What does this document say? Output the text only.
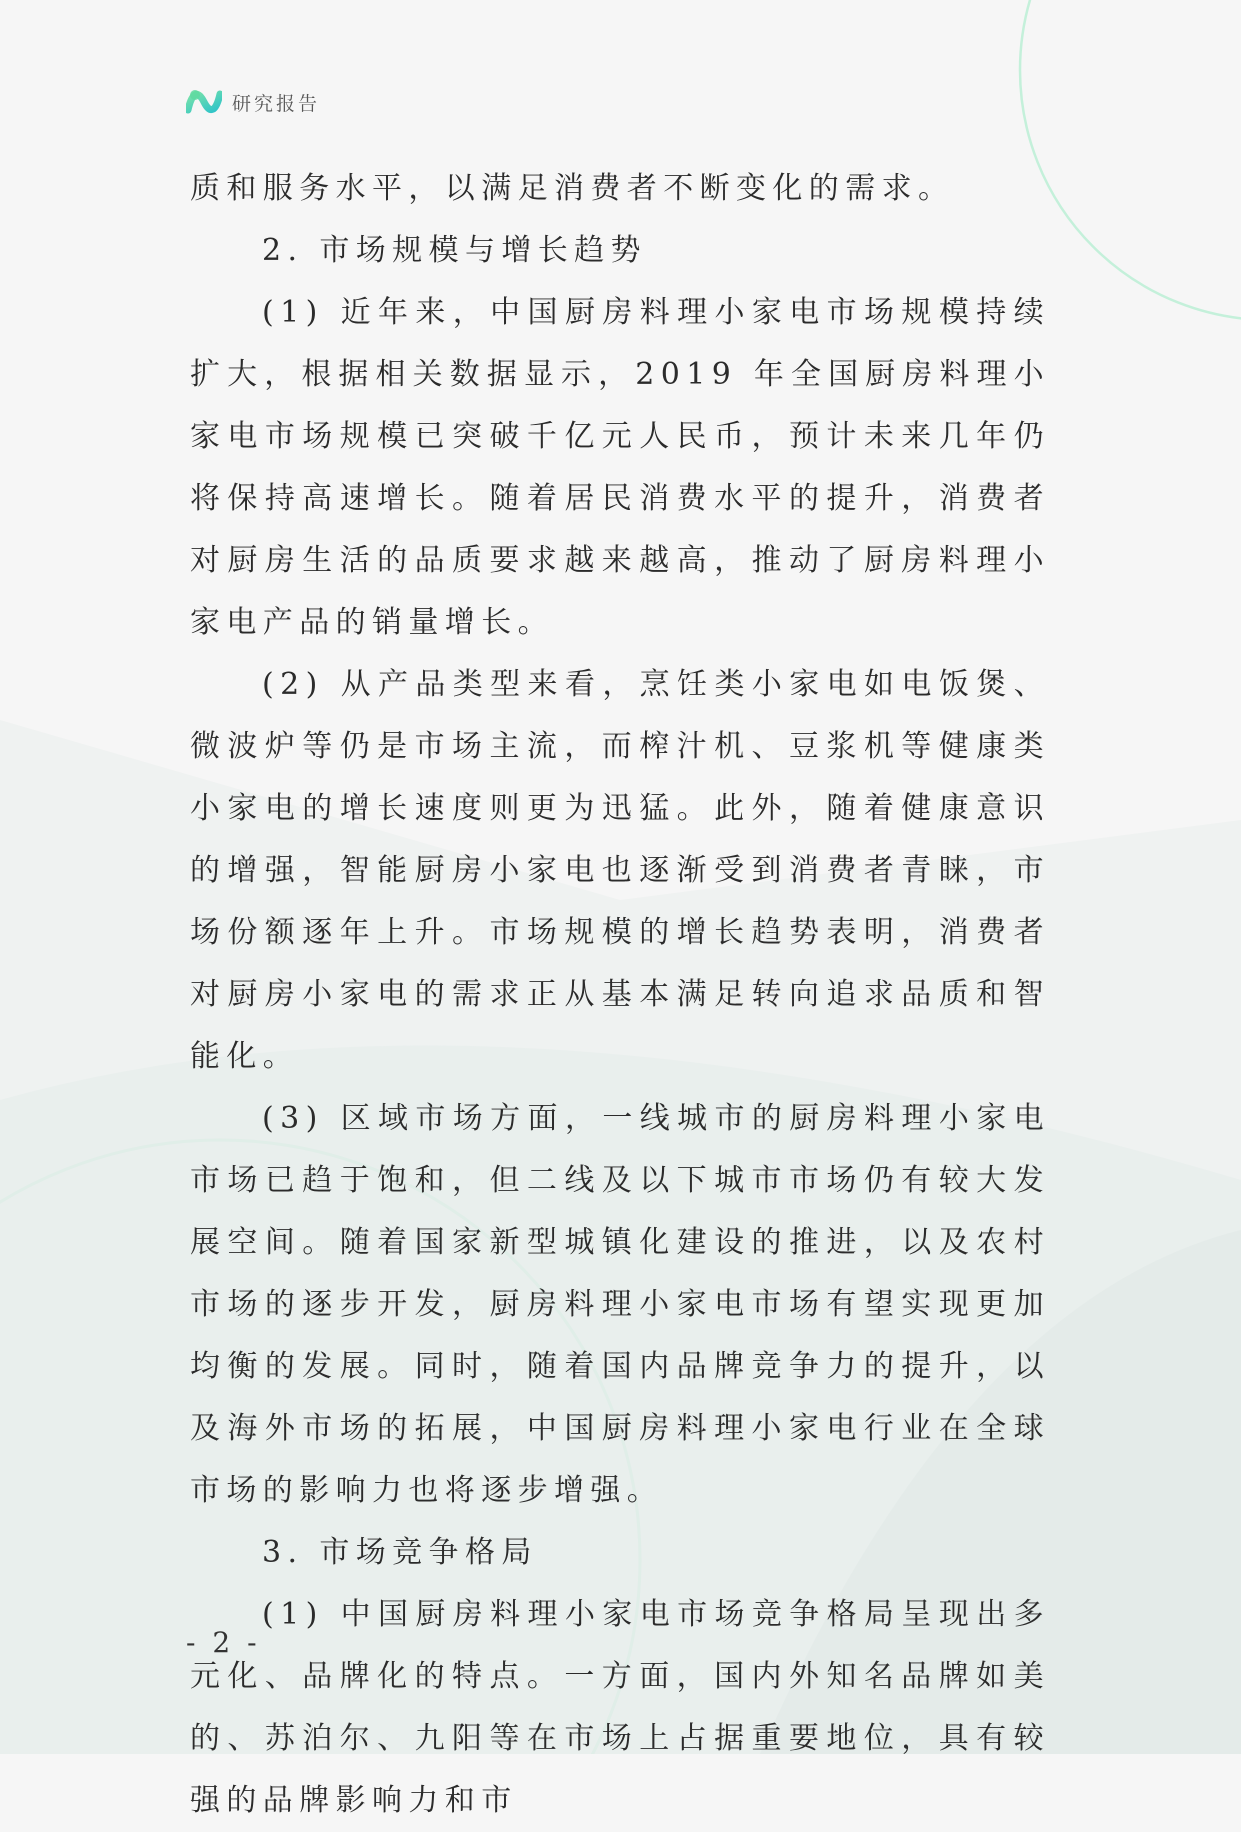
研究报告

质和服务水平，以满足消费者不断变化的需求。

2. 市场规模与增长趋势

(1) 近年来，中国厨房料理小家电市场规模持续扩大，根据相关数据显示，2019 年全国厨房料理小家电市场规模已突破千亿元人民币，预计未来几年仍将保持高速增长。随着居民消费水平的提升，消费者对厨房生活的品质要求越来越高，推动了厨房料理小家电产品的销量增长。

(2) 从产品类型来看，烹饪类小家电如电饭煲、微波炉等仍是市场主流，而榨汁机、豆浆机等健康类小家电的增长速度则更为迅猛。此外，随着健康意识的增强，智能厨房小家电也逐渐受到消费者青睐，市场份额逐年上升。市场规模的增长趋势表明，消费者对厨房小家电的需求正从基本满足转向追求品质和智能化。

(3) 区域市场方面，一线城市的厨房料理小家电市场已趋于饱和，但二线及以下城市市场仍有较大发展空间。随着国家新型城镇化建设的推进，以及农村市场的逐步开发，厨房料理小家电市场有望实现更加均衡的发展。同时，随着国内品牌竞争力的提升，以及海外市场的拓展，中国厨房料理小家电行业在全球市场的影响力也将逐步增强。

3. 市场竞争格局

(1) 中国厨房料理小家电市场竞争格局呈现出多元化、品牌化的特点。一方面，国内外知名品牌如美的、苏泊尔、九阳等在市场上占据重要地位，具有较强的品牌影响力和市

- 2 -
